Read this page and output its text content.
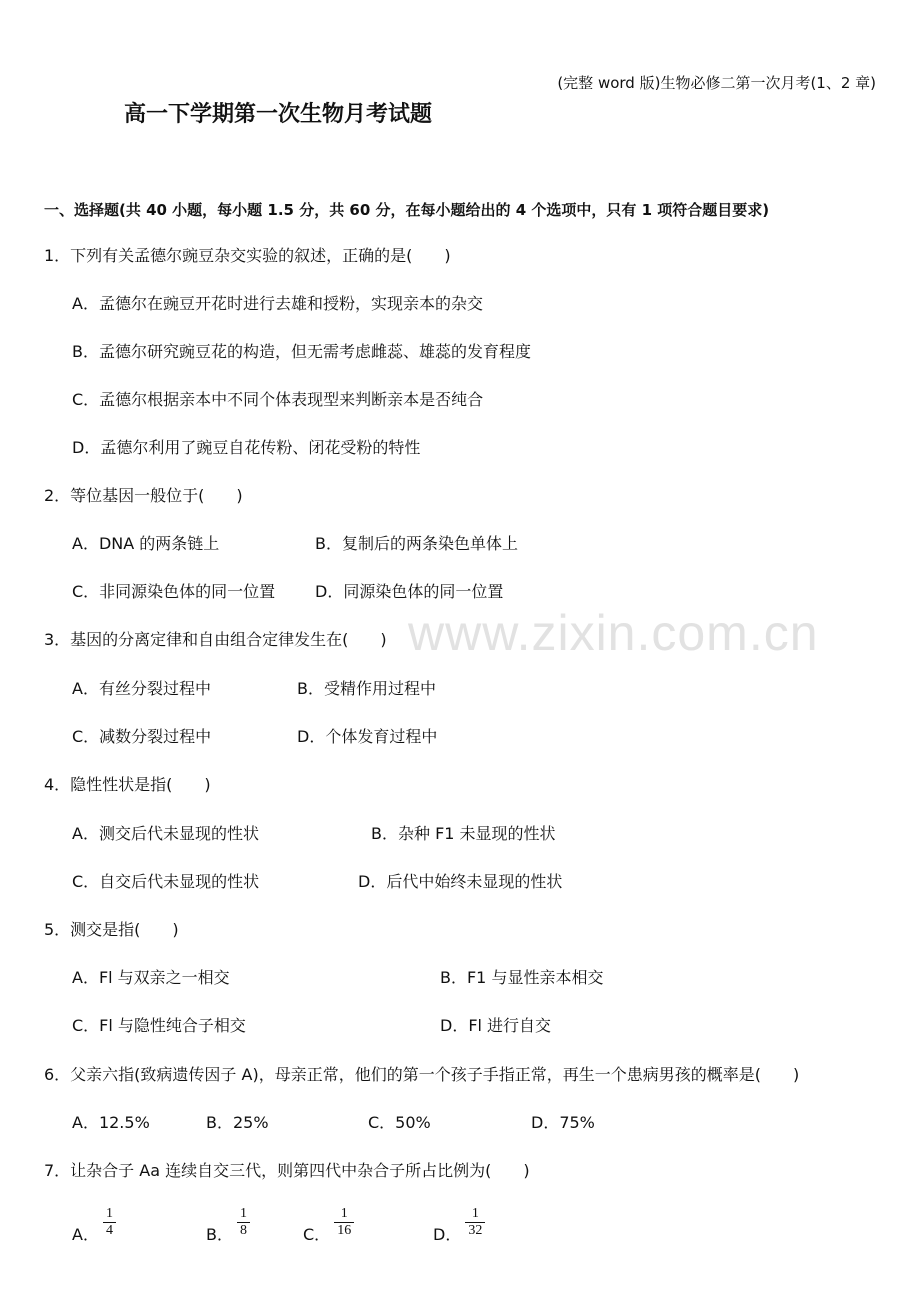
(完整 word 版)生物必修二第一次月考(1、2 章)
高一下学期第一次生物月考试题
一、选择题(共 40 小题，每小题 1.5 分，共 60 分，在每小题给出的 4 个选项中，只有 1 项符合题目要求)
www.zixin.com.cn
1．下列有关孟德尔豌豆杂交实验的叙述，正确的是(　　)
A．孟德尔在豌豆开花时进行去雄和授粉，实现亲本的杂交
B．孟德尔研究豌豆花的构造，但无需考虑雌蕊、雄蕊的发育程度
C．孟德尔根据亲本中不同个体表现型来判断亲本是否纯合
D．孟德尔利用了豌豆自花传粉、闭花受粉的特性
2．等位基因一般位于(　　)
A．DNA 的两条链上	B．复制后的两条染色单体上
C．非同源染色体的同一位置 D．同源染色体的同一位置
3．基因的分离定律和自由组合定律发生在(　　)
A．有丝分裂过程中	B．受精作用过程中
C．减数分裂过程中	D．个体发育过程中
4．隐性性状是指(　　)
A．测交后代未显现的性状	B．杂种 F1 未显现的性状
C．自交后代未显现的性状	D．后代中始终未显现的性状
5．测交是指(　　)
A．Fl 与双亲之一相交	B．F1 与显性亲本相交
C．Fl 与隐性纯合子相交	D．Fl 进行自交
6．父亲六指(致病遗传因子 A)，母亲正常，他们的第一个孩子手指正常，再生一个患病男孩的概率是(　　)
A．12.5%	B．25%	C．50%	D．75%
7．让杂合子 Aa 连续自交三代，则第四代中杂合子所占比例为(　　)
A． $\frac{1}{4}$	B． $\frac{1}{8}$	C． $\frac{1}{16}$	D． $\frac{1}{32}$
